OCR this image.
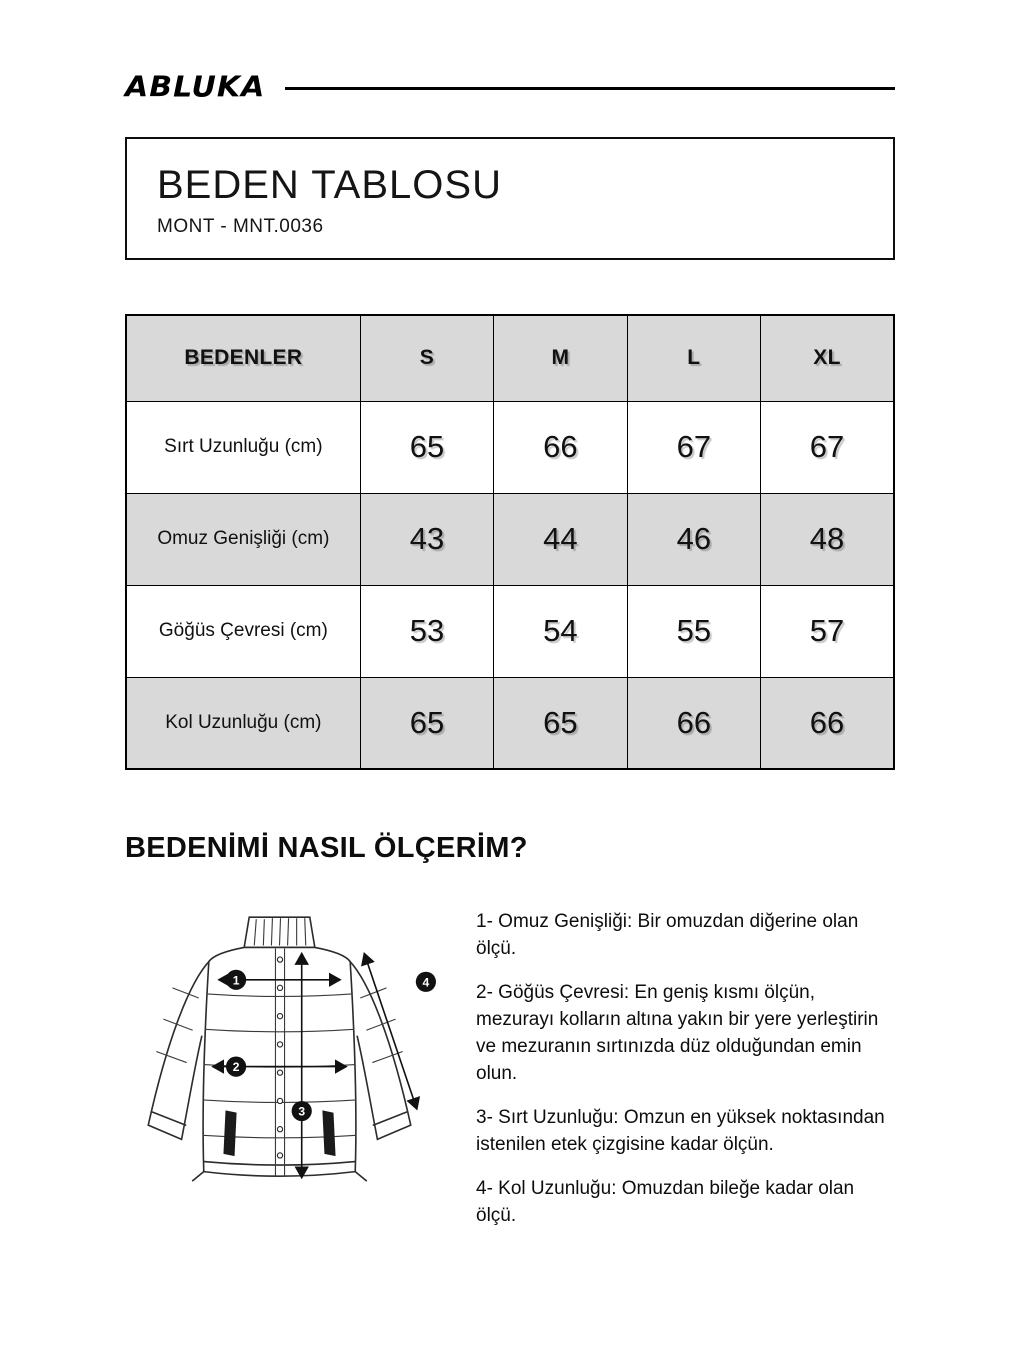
ABLUKA
BEDEN TABLOSU
MONT - MNT.0036
BEDENLER	S	M	L	XL
Sırt Uzunluğu (cm)	65	66	67	67
Omuz Genişliği (cm)	43	44	46	48
Göğüs Çevresi (cm)	53	54	55	57
Kol Uzunluğu (cm)	65	65	66	66
BEDENİMİ NASIL ÖLÇERİM?
1
2
3
4

1- Omuz Genişliği: Bir omuzdan diğerine olan ölçü.

2- Göğüs Çevresi: En geniş kısmı ölçün, mezurayı kolların altına yakın bir yere yerleştirin ve mezuranın sırtınızda düz olduğundan emin olun.

3- Sırt Uzunluğu: Omzun en yüksek noktasından istenilen etek çizgisine kadar ölçün.

4- Kol Uzunluğu: Omuzdan bileğe kadar olan ölçü.
